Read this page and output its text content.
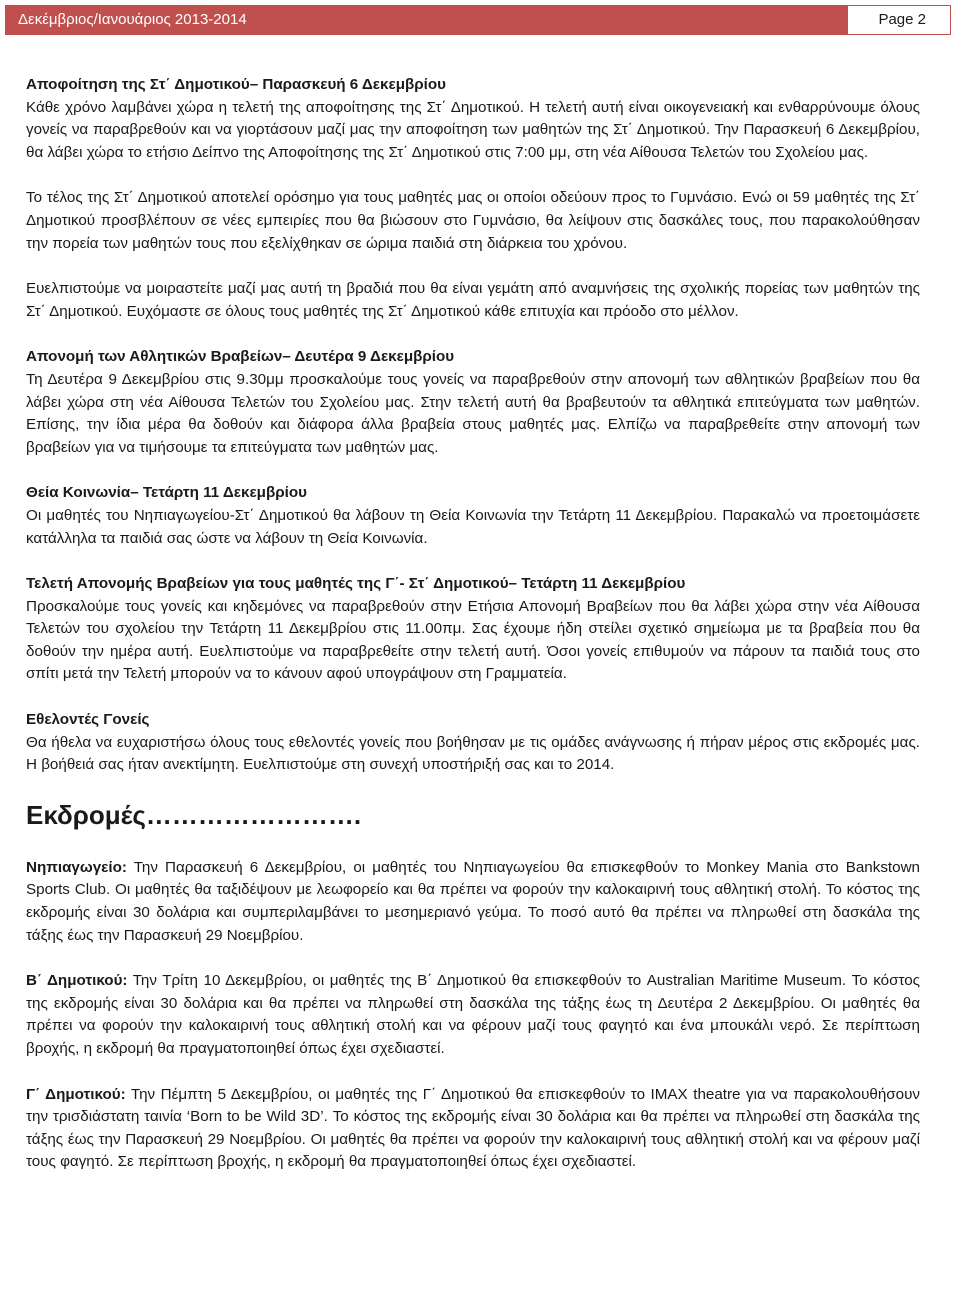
Δεκέμβριος/Ιανουάριος 2013-2014	Page 2

Αποφοίτηση της Στ΄ Δημοτικού– Παρασκευή 6 Δεκεμβρίου

Κάθε χρόνο λαμβάνει χώρα η τελετή της αποφοίτησης της Στ΄ Δημοτικού. Η τελετή αυτή είναι οικογενειακή και ενθαρρύνουμε όλους γονείς να παραβρεθούν και να γιορτάσουν μαζί μας την αποφοίτηση των μαθητών της Στ΄ Δημοτικού. Την Παρασκευή 6 Δεκεμβρίου, θα λάβει χώρα το ετήσιο Δείπνο της Αποφοίτησης της Στ΄ Δημοτικού στις 7:00 μμ, στη νέα Αίθουσα Τελετών του Σχολείου μας.

Το τέλος της Στ΄ Δημοτικού αποτελεί ορόσημο για τους μαθητές μας οι οποίοι οδεύουν προς το Γυμνάσιο. Ενώ οι 59 μαθητές της Στ΄ Δημοτικού προσβλέπουν σε νέες εμπειρίες που θα βιώσουν στο Γυμνάσιο, θα λείψουν στις δασκάλες τους, που παρακολούθησαν την πορεία των μαθητών τους που εξελίχθηκαν σε ώριμα παιδιά στη διάρκεια του χρόνου.

Ευελπιστούμε να μοιραστείτε μαζί μας αυτή τη βραδιά που θα είναι γεμάτη από αναμνήσεις της σχολικής πορείας των μαθητών της Στ΄ Δημοτικού. Ευχόμαστε σε όλους τους μαθητές της Στ΄ Δημοτικού κάθε επιτυχία και πρόοδο στο μέλλον.

Απονομή των Αθλητικών Βραβείων– Δευτέρα 9 Δεκεμβρίου

Τη Δευτέρα 9 Δεκεμβρίου στις 9.30μμ προσκαλούμε τους γονείς να παραβρεθούν στην απονομή των αθλητικών βραβείων που θα λάβει χώρα στη νέα Αίθουσα Τελετών του Σχολείου μας. Στην τελετή αυτή θα βραβευτούν τα αθλητικά επιτεύγματα των μαθητών. Επίσης, την ίδια μέρα θα δοθούν και διάφορα άλλα βραβεία στους μαθητές μας. Ελπίζω να παραβρεθείτε στην απονομή των βραβείων για να τιμήσουμε τα επιτεύγματα των μαθητών μας.

Θεία Κοινωνία– Τετάρτη 11 Δεκεμβρίου

Οι μαθητές του Νηπιαγωγείου-Στ΄ Δημοτικού θα λάβουν τη Θεία Κοινωνία την Τετάρτη 11 Δεκεμβρίου. Παρακαλώ να προετοιμάσετε κατάλληλα τα παιδιά σας ώστε να λάβουν τη Θεία Κοινωνία.

Τελετή Απονομής Βραβείων για τους μαθητές της Γ΄- Στ΄ Δημοτικού– Τετάρτη 11 Δεκεμβρίου

Προσκαλούμε τους γονείς και κηδεμόνες να παραβρεθούν στην Ετήσια Απονομή Βραβείων που θα λάβει χώρα στην νέα Αίθουσα Τελετών του σχολείου την Τετάρτη 11 Δεκεμβρίου στις 11.00πμ. Σας έχουμε ήδη στείλει σχετικό σημείωμα με τα βραβεία που θα δοθούν την ημέρα αυτή. Ευελπιστούμε να παραβρεθείτε στην τελετή αυτή. Όσοι γονείς επιθυμούν να πάρουν τα παιδιά τους στο σπίτι μετά την Τελετή μπορούν να το κάνουν αφού υπογράψουν στη Γραμματεία.

Εθελοντές Γονείς

Θα ήθελα να ευχαριστήσω όλους τους εθελοντές γονείς που βοήθησαν με τις ομάδες ανάγνωσης ή πήραν μέρος στις εκδρομές μας. Η βοήθειά σας ήταν ανεκτίμητη. Ευελπιστούμε στη συνεχή υποστήριξή σας και το 2014.

Εκδρομές…………………….

Νηπιαγωγείο: Την Παρασκευή 6 Δεκεμβρίου, οι μαθητές του Νηπιαγωγείου θα επισκεφθούν το Monkey Mania στο Bankstown Sports Club. Οι μαθητές θα ταξιδέψουν με λεωφορείο και θα πρέπει να φορούν την καλοκαιρινή τους αθλητική στολή. Το κόστος της εκδρομής είναι 30 δολάρια και συμπεριλαμβάνει το μεσημεριανό γεύμα. Το ποσό αυτό θα πρέπει να πληρωθεί στη δασκάλα της τάξης έως την Παρασκευή 29 Νοεμβρίου.

Β΄ Δημοτικού: Την Τρίτη 10 Δεκεμβρίου, οι μαθητές της Β΄ Δημοτικού θα επισκεφθούν το Australian Maritime Museum. Το κόστος της εκδρομής είναι 30 δολάρια και θα πρέπει να πληρωθεί στη δασκάλα της τάξης έως τη Δευτέρα 2 Δεκεμβρίου. Οι μαθητές θα πρέπει να φορούν την καλοκαιρινή τους αθλητική στολή και να φέρουν μαζί τους φαγητό και ένα μπουκάλι νερό. Σε περίπτωση βροχής, η εκδρομή θα πραγματοποιηθεί όπως έχει σχεδιαστεί.

Γ΄ Δημοτικού: Την Πέμπτη 5 Δεκεμβρίου, οι μαθητές της Γ΄ Δημοτικού θα επισκεφθούν το IMAX theatre για να παρακολουθήσουν την τρισδιάστατη ταινία ‘Born to be Wild 3D’. Το κόστος της εκδρομής είναι 30 δολάρια και θα πρέπει να πληρωθεί στη δασκάλα της τάξης έως την Παρασκευή 29 Νοεμβρίου. Οι μαθητές θα πρέπει να φορούν την καλοκαιρινή τους αθλητική στολή και να φέρουν μαζί τους φαγητό. Σε περίπτωση βροχής, η εκδρομή θα πραγματοποιηθεί όπως έχει σχεδιαστεί.
